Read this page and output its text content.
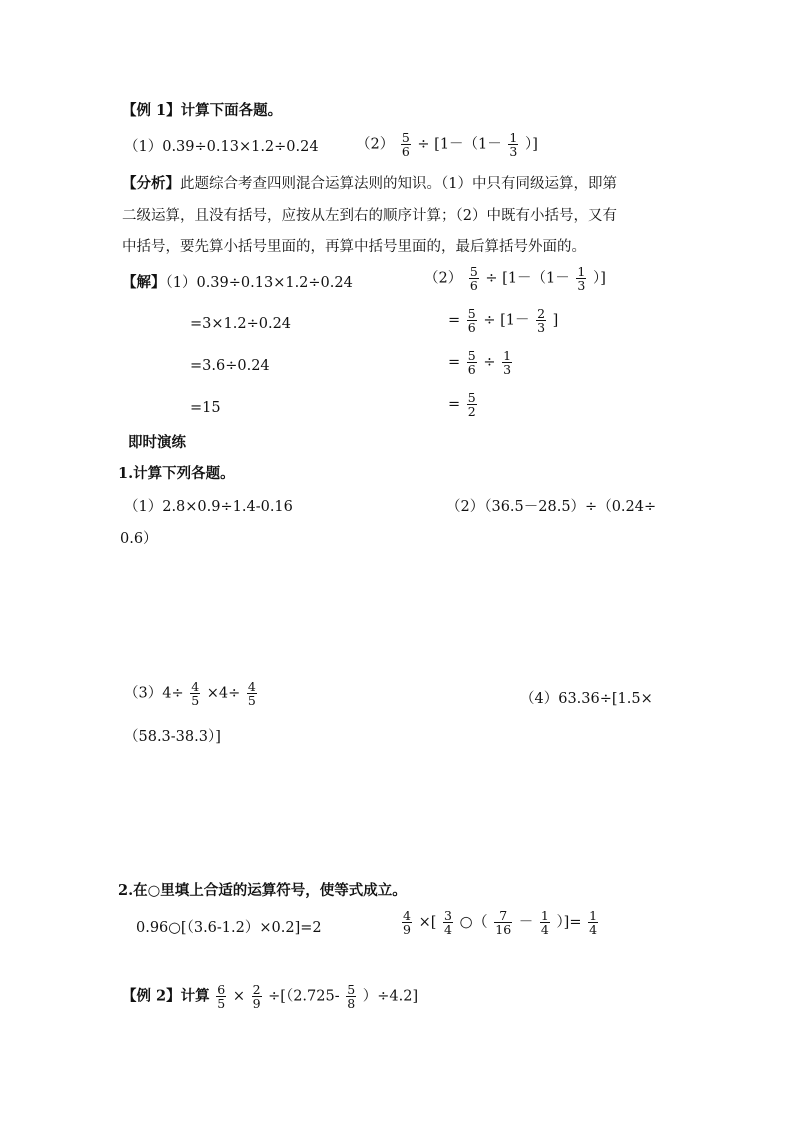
【例 1】计算下面各题。
（1）0.39÷0.13×1.2÷0.24	$(2) \frac{5}{6} \div [1-(1- \frac{1}{3}$ ）]
【分析】此题综合考查四则混合运算法则的知识。（1）中只有同级运算，即第
二级运算，且没有括号，应按从左到右的顺序计算；（2）中既有小括号，又有
中括号，要先算小括号里面的，再算中括号里面的，最后算括号外面的。
【解】（1）0.39÷0.13×1.2÷0.24
=3×1.2÷0.24
=3.6÷0.24
=15
$(2) \frac{5}{6} \div [1-(1- \frac{1}{3}$ ）]
= $\frac{5}{6} \div [1- \frac{2}{3}$ ]
= $\frac{5}{6} \div \frac{1}{3}$
= $\frac{5}{2}$
即时演练
1.计算下列各题。
（1）2.8×0.9÷1.4-0.16	（2）（36.5－28.5）÷（0.24÷
0.6）
$(3)4\div \frac{4}{5} \times 4\div \frac{4}{5}$	（4）63.36÷[1.5×
（58.3-38.3）]
2.在○里填上合适的运算符号，使等式成立。
0.96○[（3.6-1.2）×0.2]=2	$\frac{4}{9}$ ×[ $\frac{3}{4}$ ○（ $\frac{7}{16} - \frac{1}{4}$ ）]= $\frac{1}{4}$
【例 2】计算 $\frac{6}{5} \times \frac{2}{9} \div[(2.725- \frac{5}{8} )\div 4.2]$
